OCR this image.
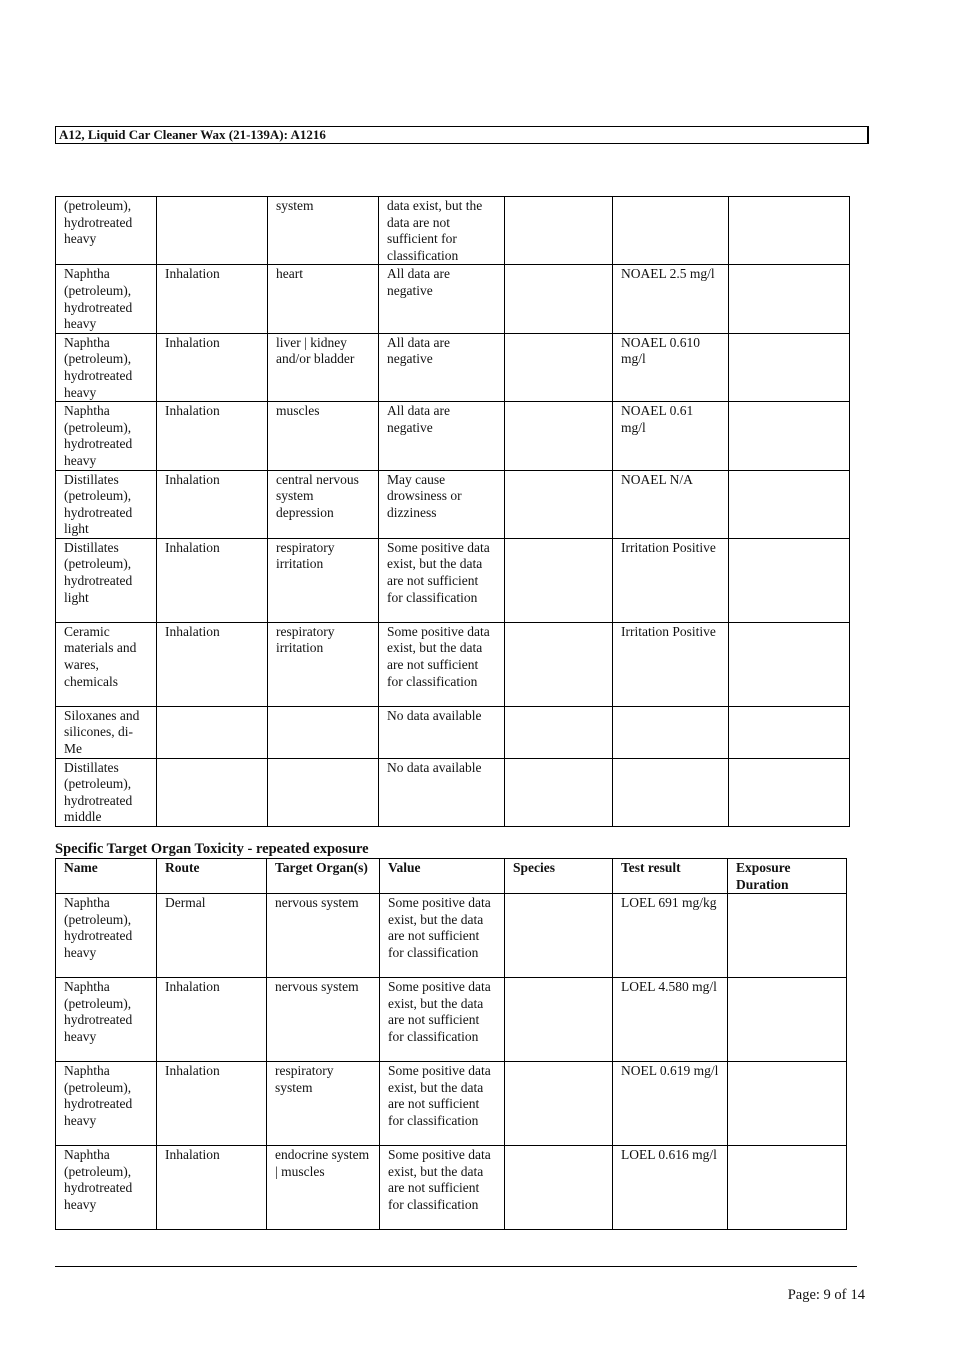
A12, Liquid Car Cleaner Wax (21-139A): A1216
(petroleum), hydrotreated heavy		system	data exist, but the data are not sufficient for classification			
Naphtha (petroleum), hydrotreated heavy	Inhalation	heart	All data are negative		NOAEL 2.5 mg/l	
Naphtha (petroleum), hydrotreated heavy	Inhalation	liver | kidney and/or bladder	All data are negative		NOAEL 0.610 mg/l	
Naphtha (petroleum), hydrotreated heavy	Inhalation	muscles	All data are negative		NOAEL 0.61 mg/l	
Distillates (petroleum), hydrotreated light	Inhalation	central nervous system depression	May cause drowsiness or dizziness		NOAEL N/A	
Distillates (petroleum), hydrotreated light	Inhalation	respiratory irritation	Some positive data exist, but the data are not sufficient for classification		Irritation Positive	
Ceramic materials and wares, chemicals	Inhalation	respiratory irritation	Some positive data exist, but the data are not sufficient for classification		Irritation Positive	
Siloxanes and silicones, di-Me			No data available			
Distillates (petroleum), hydrotreated middle			No data available			
Specific Target Organ Toxicity - repeated exposure
Name	Route	Target Organ(s)	Value	Species	Test result	Exposure Duration
Naphtha (petroleum), hydrotreated heavy	Dermal	nervous system	Some positive data exist, but the data are not sufficient for classification		LOEL 691 mg/kg	
Naphtha (petroleum), hydrotreated heavy	Inhalation	nervous system	Some positive data exist, but the data are not sufficient for classification		LOEL 4.580 mg/l	
Naphtha (petroleum), hydrotreated heavy	Inhalation	respiratory system	Some positive data exist, but the data are not sufficient for classification		NOEL 0.619 mg/l	
Naphtha (petroleum), hydrotreated heavy	Inhalation	endocrine system | muscles	Some positive data exist, but the data are not sufficient for classification		LOEL 0.616 mg/l	
Page: 9 of 14
